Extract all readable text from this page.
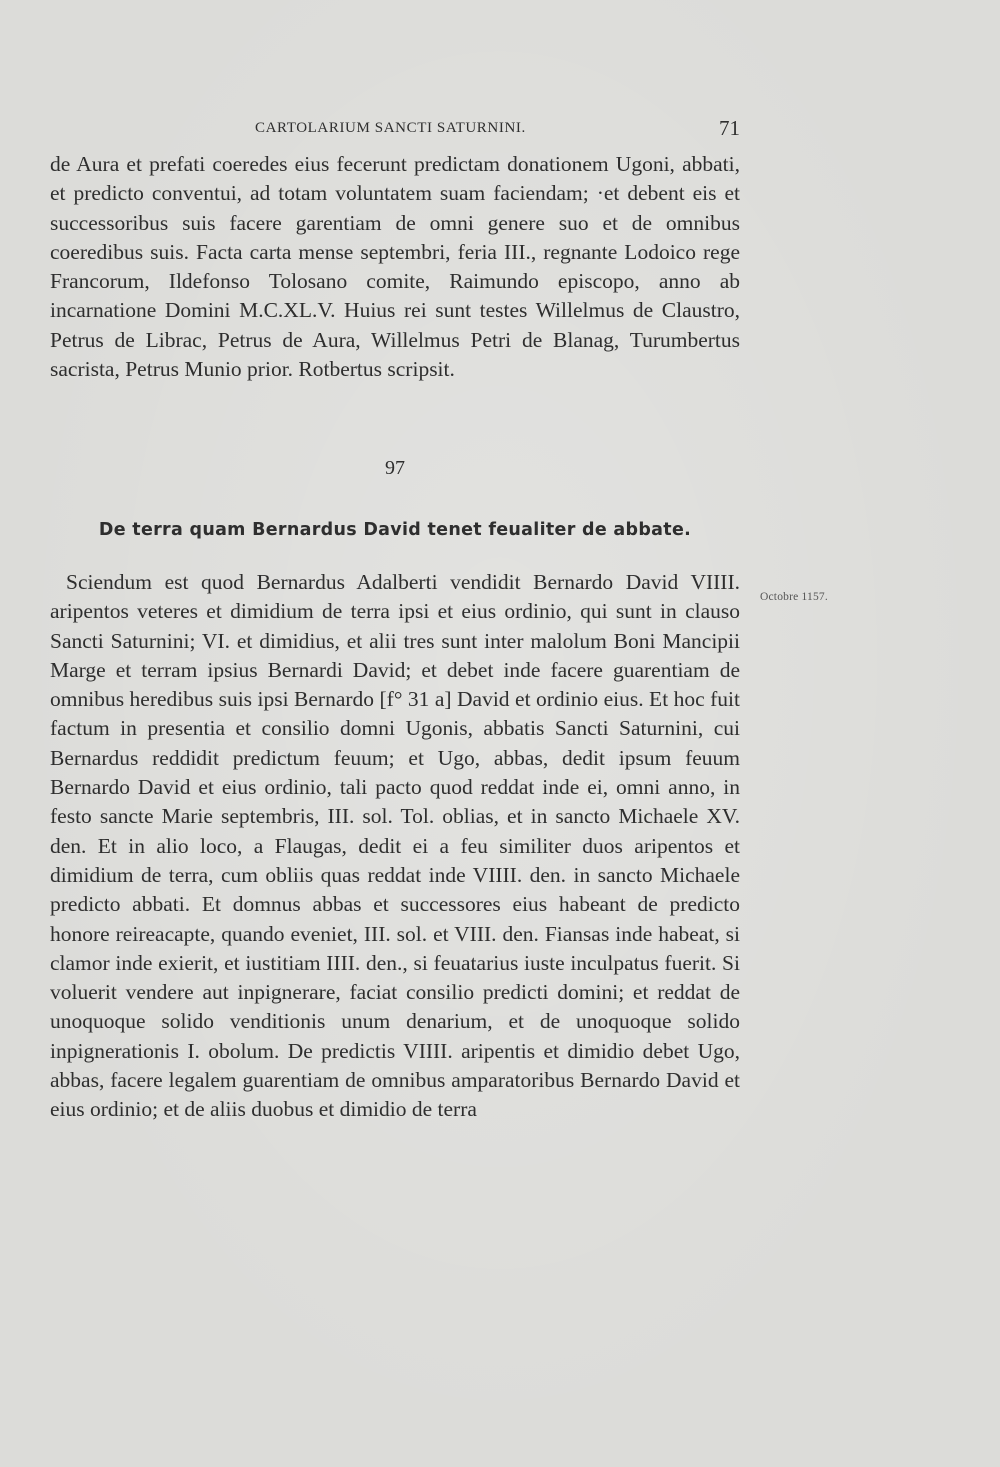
CARTOLARIUM SANCTI SATURNINI.	71

de Aura et prefati coeredes eius fecerunt predictam donationem Ugoni, abbati, et predicto conventui, ad totam voluntatem suam faciendam; ·et debent eis et successoribus suis facere garentiam de omni genere suo et de omnibus coeredibus suis. Facta carta mense septembri, feria III., regnante Lodoico rege Francorum, Ildefonso Tolosano comite, Raimundo episcopo, anno ab incarnatione Domini M.C.XL.V. Huius rei sunt testes Willelmus de Claustro, Petrus de Librac, Petrus de Aura, Willelmus Petri de Blanag, Turumbertus sacrista, Petrus Munio prior. Rotbertus scripsit.

97
De terra quam Bernardus David tenet feualiter de abbate.
Octobre 1157.

Sciendum est quod Bernardus Adalberti vendidit Bernardo David VIIII. aripentos veteres et dimidium de terra ipsi et eius ordinio, qui sunt in clauso Sancti Saturnini; VI. et dimidius, et alii tres sunt inter malolum Boni Mancipii Marge et terram ipsius Bernardi David; et debet inde facere guarentiam de omnibus heredibus suis ipsi Bernardo [f° 31 a] David et ordinio eius. Et hoc fuit factum in presentia et consilio domni Ugonis, abbatis Sancti Saturnini, cui Bernardus reddidit predictum feuum; et Ugo, abbas, dedit ipsum feuum Bernardo David et eius ordinio, tali pacto quod reddat inde ei, omni anno, in festo sancte Marie septembris, III. sol. Tol. oblias, et in sancto Michaele XV. den. Et in alio loco, a Flaugas, dedit ei a feu similiter duos aripentos et dimidium de terra, cum obliis quas reddat inde VIIII. den. in sancto Michaele predicto abbati. Et domnus abbas et successores eius habeant de predicto honore reireacapte, quando eveniet, III. sol. et VIII. den. Fiansas inde habeat, si clamor inde exierit, et iustitiam IIII. den., si feuatarius iuste inculpatus fuerit. Si voluerit vendere aut inpignerare, faciat consilio predicti domini; et reddat de unoquoque solido venditionis unum denarium, et de unoquoque solido inpignerationis I. obolum. De predictis VIIII. aripentis et dimidio debet Ugo, abbas, facere legalem guarentiam de omnibus amparatoribus Bernardo David et eius ordinio; et de aliis duobus et dimidio de terra
